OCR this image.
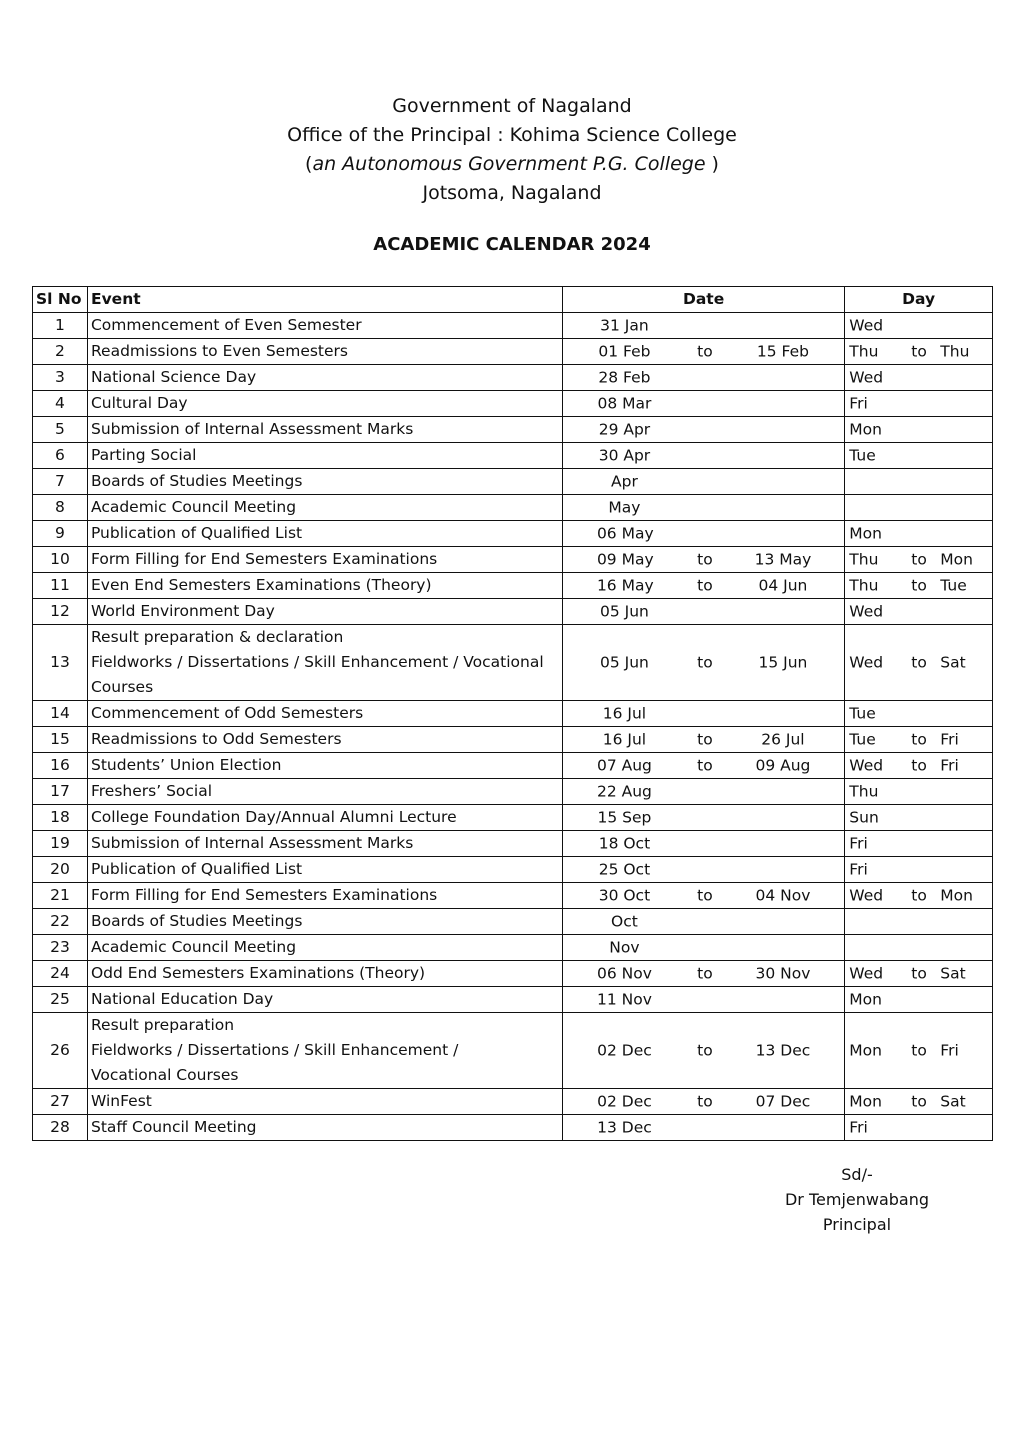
Government of Nagaland
Office of the Principal : Kohima Science College
(an Autonomous Government P.G. College )
Jotsoma, Nagaland
ACADEMIC CALENDAR 2024
Sl No	Event	Date	Day
1	Commencement of Even Semester	31 Jan	Wed

2	Readmissions to Even Semesters	01 Feb to 15 Feb	Thu to Thu

3	National Science Day	28 Feb	Wed

4	Cultural Day	08 Mar	Fri

5	Submission of Internal Assessment Marks	29 Apr	Mon

6	Parting Social	30 Apr	Tue

7	Boards of Studies Meetings	Apr	

8	Academic Council Meeting	May	

9	Publication of Qualified List	06 May	Mon

10	Form Filling for End Semesters Examinations	09 May to 13 May	Thu to Mon

11	Even End Semesters Examinations (Theory)	16 May to 04 Jun	Thu to Tue

12	World Environment Day	05 Jun	Wed

13	Result preparation & declaration
Fieldworks / Dissertations / Skill Enhancement / Vocational
Courses	05 Jun to 15 Jun	Wed to Sat

14	Commencement of Odd Semesters	16 Jul	Tue

15	Readmissions to Odd Semesters	16 Jul to 26 Jul	Tue to Fri

16	Students’ Union Election	07 Aug to 09 Aug	Wed to Fri

17	Freshers’ Social	22 Aug	Thu

18	College Foundation Day/Annual Alumni Lecture	15 Sep	Sun

19	Submission of Internal Assessment Marks	18 Oct	Fri

20	Publication of Qualified List	25 Oct	Fri

21	Form Filling for End Semesters Examinations	30 Oct to 04 Nov	Wed to Mon

22	Boards of Studies Meetings	Oct	

23	Academic Council Meeting	Nov	

24	Odd End Semesters Examinations (Theory)	06 Nov to 30 Nov	Wed to Sat

25	National Education Day	11 Nov	Mon

26	Result preparation
Fieldworks / Dissertations / Skill Enhancement /
Vocational Courses	02 Dec to 13 Dec	Mon to Fri

27	WinFest	02 Dec to 07 Dec	Mon to Sat

28	Staff Council Meeting	13 Dec	Fri
Sd/-
Dr Temjenwabang
Principal
